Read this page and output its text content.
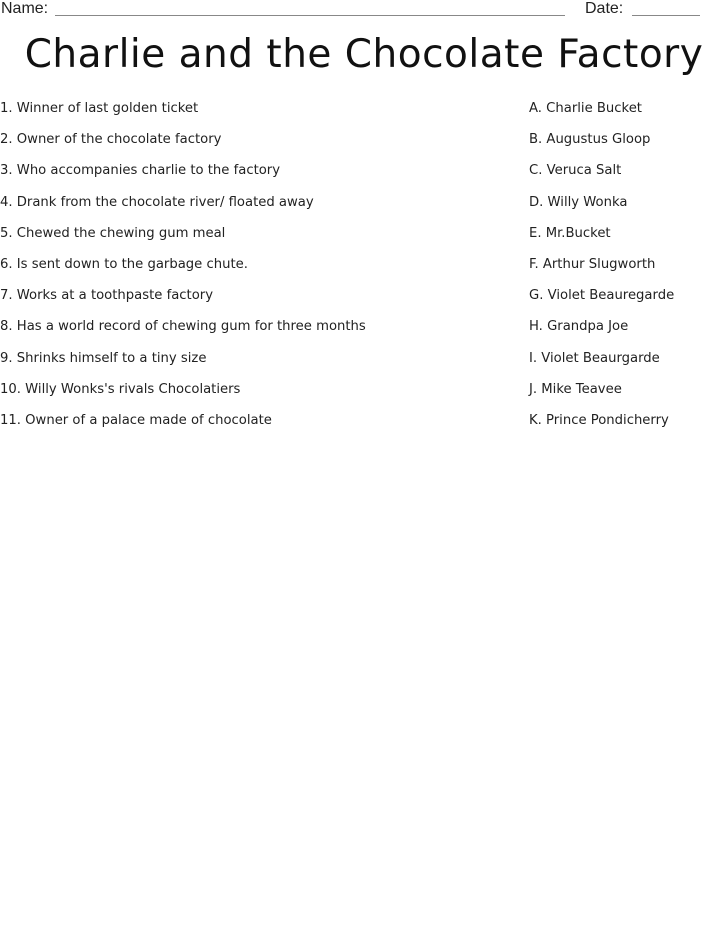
Name:	Date:
Charlie and the Chocolate Factory
1. Winner of last golden ticket
2. Owner of the chocolate factory
3. Who accompanies charlie to the factory
4. Drank from the chocolate river/ floated away
5. Chewed the chewing gum meal
6. Is sent down to the garbage chute.
7. Works at a toothpaste factory
8. Has a world record of chewing gum for three months
9. Shrinks himself to a tiny size
10. Willy Wonks's rivals Chocolatiers
11. Owner of a palace made of chocolate
A. Charlie Bucket
B. Augustus Gloop
C. Veruca Salt
D. Willy Wonka
E. Mr.Bucket
F. Arthur Slugworth
G. Violet Beauregarde
H. Grandpa Joe
I. Violet Beaurgarde
J. Mike Teavee
K. Prince Pondicherry
